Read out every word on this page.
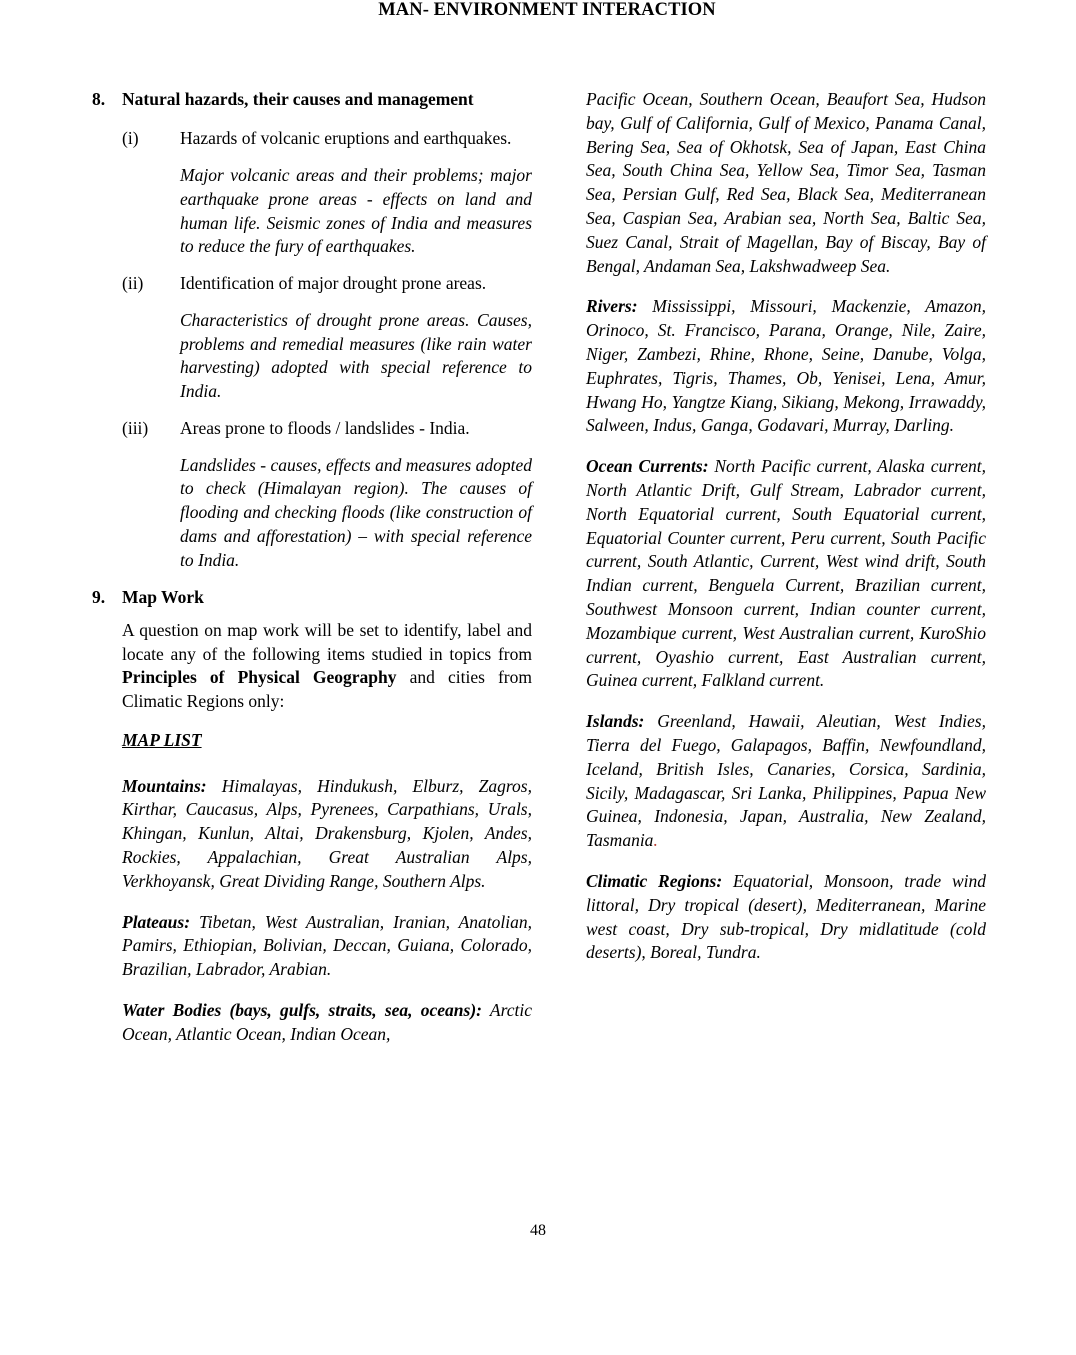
MAN- ENVIRONMENT INTERACTION
8. Natural hazards, their causes and management
(i)	Hazards of volcanic eruptions and earthquakes.
Major volcanic areas and their problems; major earthquake prone areas - effects on land and human life. Seismic zones of India and measures to reduce the fury of earthquakes.
(ii)	Identification of major drought prone areas.
Characteristics of drought prone areas. Causes, problems and remedial measures (like rain water harvesting) adopted with special reference to India.
(iii)	Areas prone to floods / landslides - India.
Landslides - causes, effects and measures adopted to check (Himalayan region). The causes of flooding and checking floods (like construction of dams and afforestation) – with special reference to India.
9. Map Work
A question on map work will be set to identify, label and locate any of the following items studied in topics from Principles of Physical Geography and cities from Climatic Regions only:
MAP LIST
Mountains: Himalayas, Hindukush, Elburz, Zagros, Kirthar, Caucasus, Alps, Pyrenees, Carpathians, Urals, Khingan, Kunlun, Altai, Drakensburg, Kjolen, Andes, Rockies, Appalachian, Great Australian Alps, Verkhoyansk, Great Dividing Range, Southern Alps.
Plateaus: Tibetan, West Australian, Iranian, Anatolian, Pamirs, Ethiopian, Bolivian, Deccan, Guiana, Colorado, Brazilian, Labrador, Arabian.
Water Bodies (bays, gulfs, straits, sea, oceans): Arctic Ocean, Atlantic Ocean, Indian Ocean,
Pacific Ocean, Southern Ocean, Beaufort Sea, Hudson bay, Gulf of California, Gulf of Mexico, Panama Canal, Bering Sea, Sea of Okhotsk, Sea of Japan, East China Sea, South China Sea, Yellow Sea, Timor Sea, Tasman Sea, Persian Gulf, Red Sea, Black Sea, Mediterranean Sea, Caspian Sea, Arabian sea, North Sea, Baltic Sea, Suez Canal, Strait of Magellan, Bay of Biscay, Bay of Bengal, Andaman Sea, Lakshwadweep Sea.
Rivers: Mississippi, Missouri, Mackenzie, Amazon, Orinoco, St. Francisco, Parana, Orange, Nile, Zaire, Niger, Zambezi, Rhine, Rhone, Seine, Danube, Volga, Euphrates, Tigris, Thames, Ob, Yenisei, Lena, Amur, Hwang Ho, Yangtze Kiang, Sikiang, Mekong, Irrawaddy, Salween, Indus, Ganga, Godavari, Murray, Darling.
Ocean Currents: North Pacific current, Alaska current, North Atlantic Drift, Gulf Stream, Labrador current, North Equatorial current, South Equatorial current, Equatorial Counter current, Peru current, South Pacific current, South Atlantic, Current, West wind drift, South Indian current, Benguela Current, Brazilian current, Southwest Monsoon current, Indian counter current, Mozambique current, West Australian current, KuroShio current, Oyashio current, East Australian current, Guinea current, Falkland current.
Islands: Greenland, Hawaii, Aleutian, West Indies, Tierra del Fuego, Galapagos, Baffin, Newfoundland, Iceland, British Isles, Canaries, Corsica, Sardinia, Sicily, Madagascar, Sri Lanka, Philippines, Papua New Guinea, Indonesia, Japan, Australia, New Zealand, Tasmania.
Climatic Regions: Equatorial, Monsoon, trade wind littoral, Dry tropical (desert), Mediterranean, Marine west coast, Dry sub-tropical, Dry midlatitude (cold deserts), Boreal, Tundra.
48
